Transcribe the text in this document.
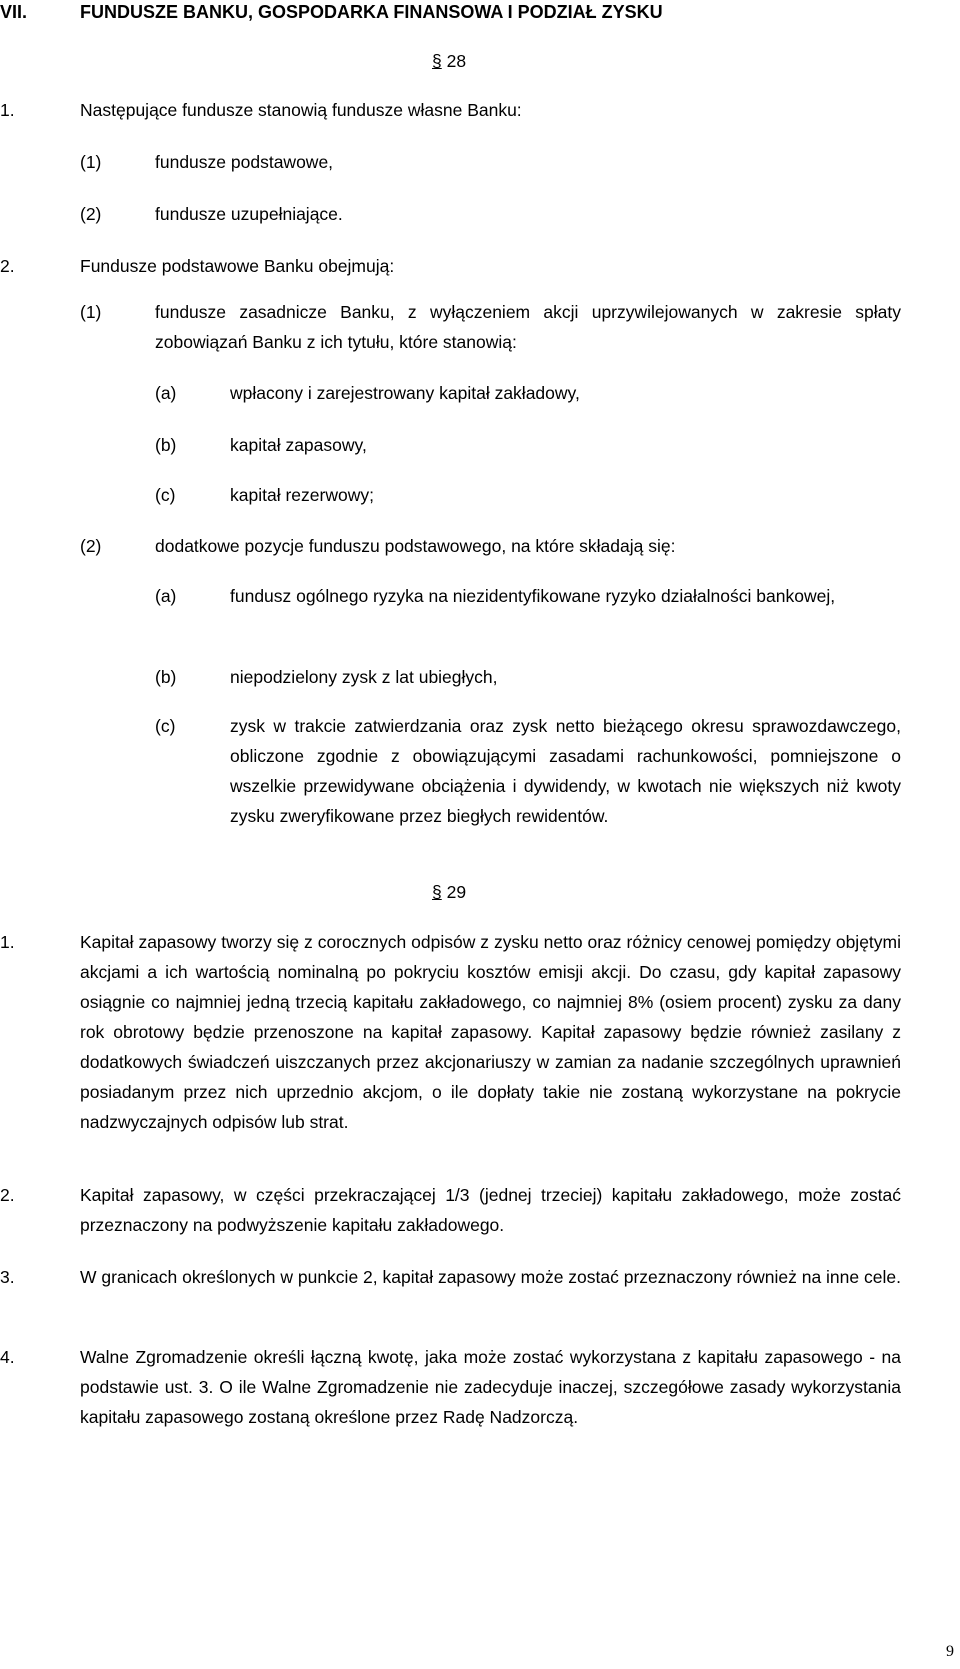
VII.	FUNDUSZE BANKU, GOSPODARKA FINANSOWA I PODZIAŁ ZYSKU
§ 28
1.	Następujące fundusze stanowią fundusze własne Banku:
(1)	fundusze podstawowe,
(2)	fundusze uzupełniające.
2.	Fundusze podstawowe Banku obejmują:
(1)	fundusze zasadnicze Banku, z wyłączeniem akcji uprzywilejowanych w zakresie spłaty zobowiązań Banku z ich tytułu, które stanowią:
(a)	wpłacony i zarejestrowany kapitał zakładowy,
(b)	kapitał zapasowy,
(c)	kapitał rezerwowy;
(2)	dodatkowe pozycje funduszu podstawowego, na które składają się:
(a)	fundusz ogólnego ryzyka na niezidentyfikowane ryzyko działalności bankowej,
(b)	niepodzielony zysk z lat ubiegłych,
(c)	zysk w trakcie zatwierdzania oraz zysk netto bieżącego okresu sprawozdawczego, obliczone zgodnie z obowiązującymi zasadami rachunkowości, pomniejszone o wszelkie przewidywane obciążenia i dywidendy, w kwotach nie większych niż kwoty zysku zweryfikowane przez biegłych rewidentów.
§ 29
1.	Kapitał zapasowy tworzy się z corocznych odpisów z zysku netto oraz różnicy cenowej pomiędzy objętymi akcjami a ich wartością nominalną po pokryciu kosztów emisji akcji. Do czasu, gdy kapitał zapasowy osiągnie co najmniej jedną trzecią kapitału zakładowego, co najmniej 8% (osiem procent) zysku za dany rok obrotowy będzie przenoszone na kapitał zapasowy. Kapitał zapasowy będzie również zasilany z dodatkowych świadczeń uiszczanych przez akcjonariuszy w zamian za nadanie szczególnych uprawnień posiadanym przez nich uprzednio akcjom, o ile dopłaty takie nie zostaną wykorzystane na pokrycie nadzwyczajnych odpisów lub strat.
2.	Kapitał zapasowy, w części przekraczającej 1/3 (jednej trzeciej) kapitału zakładowego, może zostać przeznaczony na podwyższenie kapitału zakładowego.
3.	W granicach określonych w punkcie 2, kapitał zapasowy może zostać przeznaczony również na inne cele.
4.	Walne Zgromadzenie określi łączną kwotę, jaka może zostać wykorzystana z kapitału zapasowego - na podstawie ust. 3. O ile Walne Zgromadzenie nie zadecyduje inaczej, szczegółowe zasady wykorzystania kapitału zapasowego zostaną określone przez Radę Nadzorczą.
9
